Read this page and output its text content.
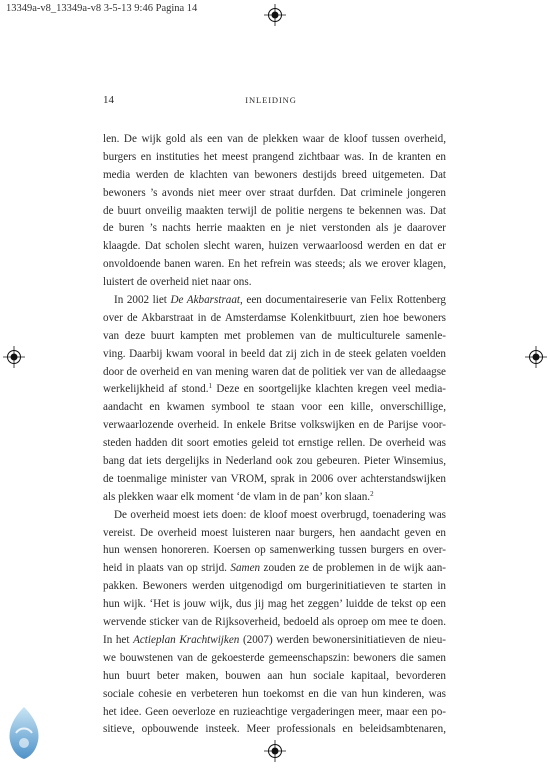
13349a-v8_13349a-v8 3-5-13 9:46 Pagina 14
14	INLEIDING
len. De wijk gold als een van de plekken waar de kloof tussen overheid,
burgers en instituties het meest prangend zichtbaar was. In de kranten en
media werden de klachten van bewoners destijds breed uitgemeten. Dat
bewoners ’s avonds niet meer over straat durfden. Dat criminele jongeren
de buurt onveilig maakten terwijl de politie nergens te bekennen was. Dat
de buren ’s nachts herrie maakten en je niet verstonden als je daarover
klaagde. Dat scholen slecht waren, huizen verwaarloosd werden en dat er
onvoldoende banen waren. En het refrein was steeds; als we erover klagen,
luistert de overheid niet naar ons.
In 2002 liet De Akbarstraat, een documentaireserie van Felix Rottenberg
over de Akbarstraat in de Amsterdamse Kolenkitbuurt, zien hoe bewoners
van deze buurt kampten met problemen van de multiculturele samenle-
ving. Daarbij kwam vooral in beeld dat zij zich in de steek gelaten voelden
door de overheid en van mening waren dat de politiek ver van de alledaagse
werkelijkheid af stond.$^1$ Deze en soortgelijke klachten kregen veel media-
aandacht en kwamen symbool te staan voor een kille, onverschillige,
verwaarlozende overheid. In enkele Britse volkswijken en de Parijse voor-
steden hadden dit soort emoties geleid tot ernstige rellen. De overheid was
bang dat iets dergelijks in Nederland ook zou gebeuren. Pieter Winsemius,
de toenmalige minister van VROM, sprak in 2006 over achterstandswijken
als plekken waar elk moment ‘de vlam in de pan’ kon slaan.$^2$
De overheid moest iets doen: de kloof moest overbrugd, toenadering was
vereist. De overheid moest luisteren naar burgers, hen aandacht geven en
hun wensen honoreren. Koersen op samenwerking tussen burgers en over-
heid in plaats van op strijd. Samen zouden ze de problemen in de wijk aan-
pakken. Bewoners werden uitgenodigd om burgerinitiatieven te starten in
hun wijk. ‘Het is jouw wijk, dus jij mag het zeggen’ luidde de tekst op een
wervende sticker van de Rijksoverheid, bedoeld als oproep om mee te doen.
In het Actieplan Krachtwijken (2007) werden bewonersinitiatieven de nieu-
we bouwstenen van de gekoesterde gemeenschapszin: bewoners die samen
hun buurt beter maken, bouwen aan hun sociale kapitaal, bevorderen
sociale cohesie en verbeteren hun toekomst en die van hun kinderen, was
het idee. Geen oeverloze en ruzieachtige vergaderingen meer, maar een po-
sitieve, opbouwende insteek. Meer professionals en beleidsambtenaren,
